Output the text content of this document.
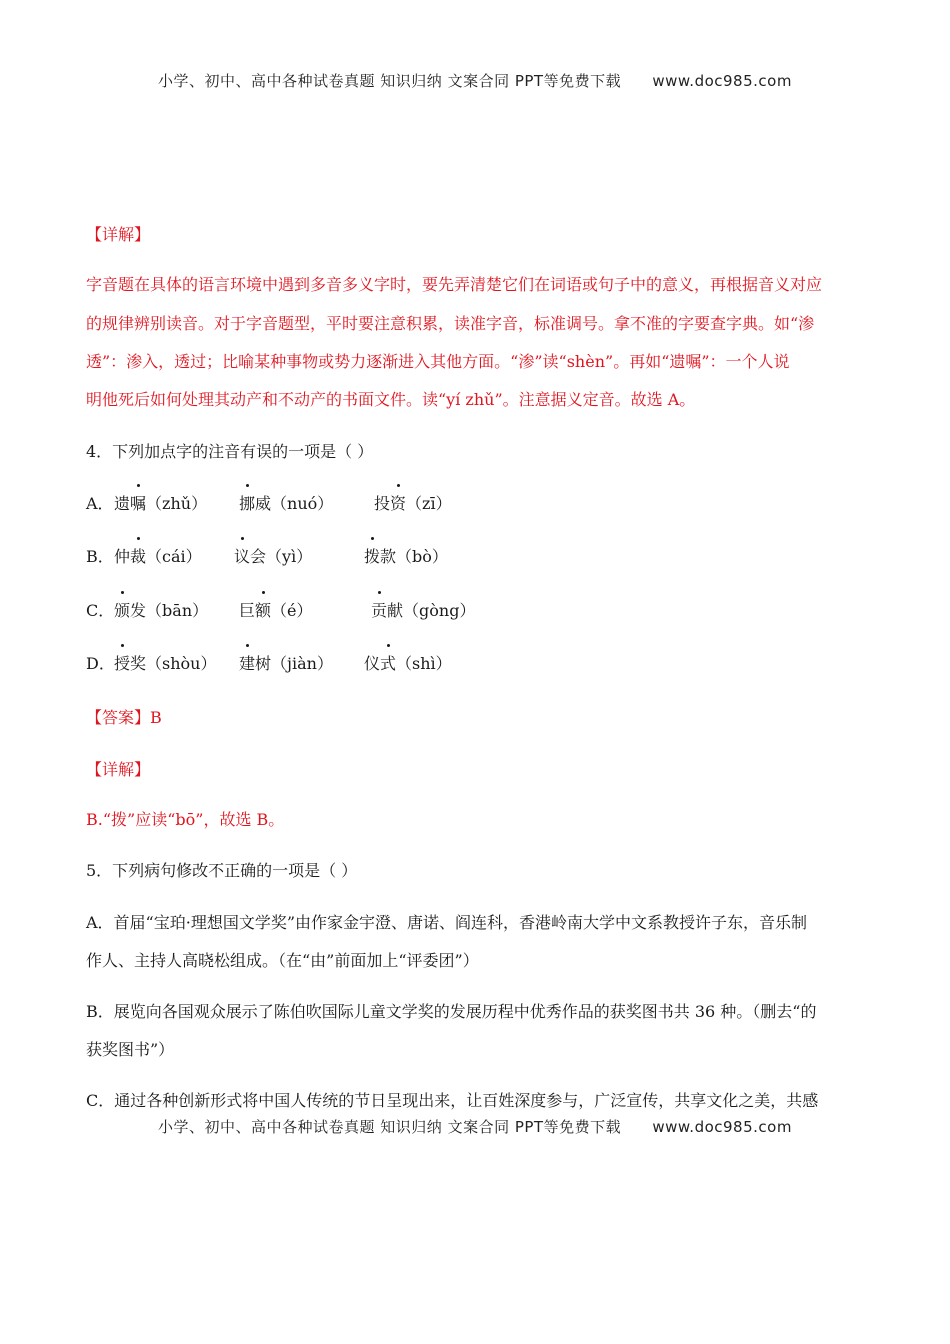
小学、初中、高中各种试卷真题 知识归纳 文案合同 PPT等免费下载 www.doc985.com
【详解】
字音题在具体的语言环境中遇到多音多义字时，要先弄清楚它们在词语或句子中的意义，再根据音义对应
的规律辨别读音。对于字音题型，平时要注意积累，读准字音，标准调号。拿不准的字要查字典。如“渗
透”：渗入，透过；比喻某种事物或势力逐渐进入其他方面。“渗”读“shèn”。再如“遗嘱”：一个人说
明他死后如何处理其动产和不动产的书面文件。读“yí zhǔ”。注意据义定音。故选 A。
4．下列加点字的注音有误的一项是（ ）
A． 遗嘱（zhǔ） 挪威（nuó）	投资（zī）
B． 仲裁（cái） 议会（yì）	拨款（bò）
C． 颁发（bān） 巨额（é）	贡献（gòng）
D． 授奖（shòu） 建树（jiàn） 仪式（shì）
【答案】B
【详解】
B.“拨”应读“bō”，故选 B。
5．下列病句修改不正确的一项是（ ）
A．首届“宝珀·理想国文学奖”由作家金宇澄、唐诺、阎连科，香港岭南大学中文系教授许子东，音乐制
作人、主持人高晓松组成。（在“由”前面加上“评委团”）
B．展览向各国观众展示了陈伯吹国际儿童文学奖的发展历程中优秀作品的获奖图书共 36 种。（删去“的
获奖图书”）
C．通过各种创新形式将中国人传统的节日呈现出来，让百姓深度参与，广泛宣传，共享文化之美，共感
小学、初中、高中各种试卷真题 知识归纳 文案合同 PPT等免费下载 www.doc985.com
